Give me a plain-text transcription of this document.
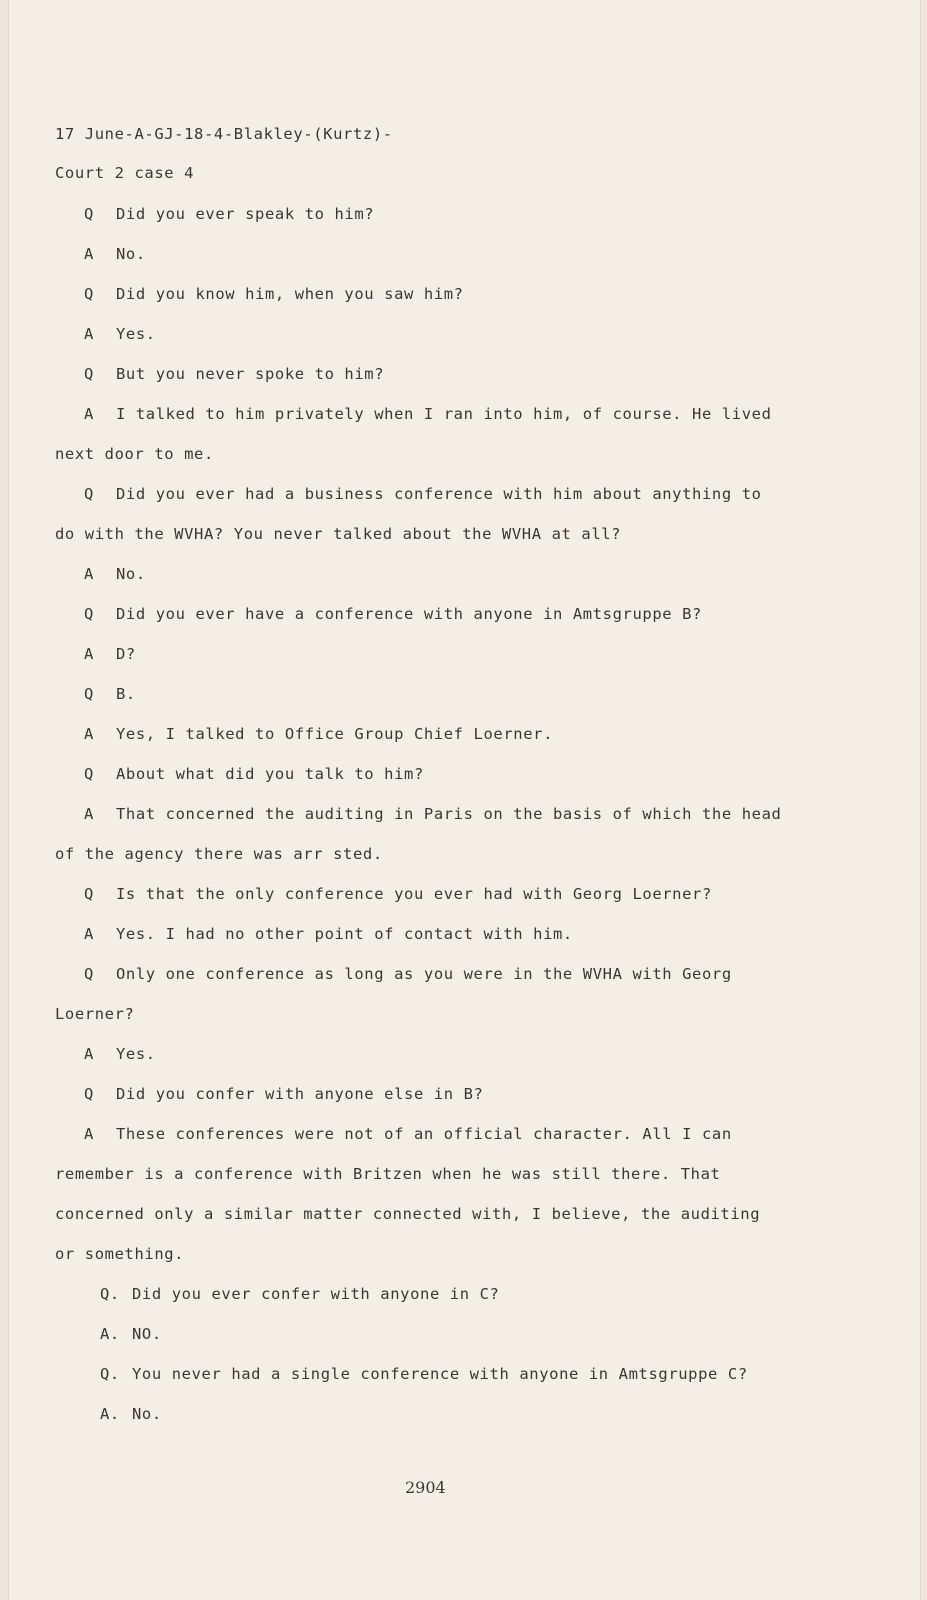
17 June-A-GJ-18-4-Blakley-(Kurtz)-
Court 2 case 4
Q Did you ever speak to him?
A No.
Q Did you know him, when you saw him?
A Yes.
Q But you never spoke to him?
A I talked to him privately when I ran into him, of course. He lived
next door to me.
Q Did you ever had a business conference with him about anything to
do with the WVHA? You never talked about the WVHA at all?
A No.
Q Did you ever have a conference with anyone in Amtsgruppe B?
A D?
Q B.
A Yes, I talked to Office Group Chief Loerner.
Q About what did you talk to him?
A That concerned the auditing in Paris on the basis of which the head
of the agency there was arr sted.
Q Is that the only conference you ever had with Georg Loerner?
A Yes. I had no other point of contact with him.
Q Only one conference as long as you were in the WVHA with Georg
Loerner?
A Yes.
Q Did you confer with anyone else in B?
A These conferences were not of an official character. All I can
remember is a conference with Britzen when he was still there. That
concerned only a similar matter connected with, I believe, the auditing
or something.
Q. Did you ever confer with anyone in C?
A. NO.
Q. You never had a single conference with anyone in Amtsgruppe C?
A. No.
2904
